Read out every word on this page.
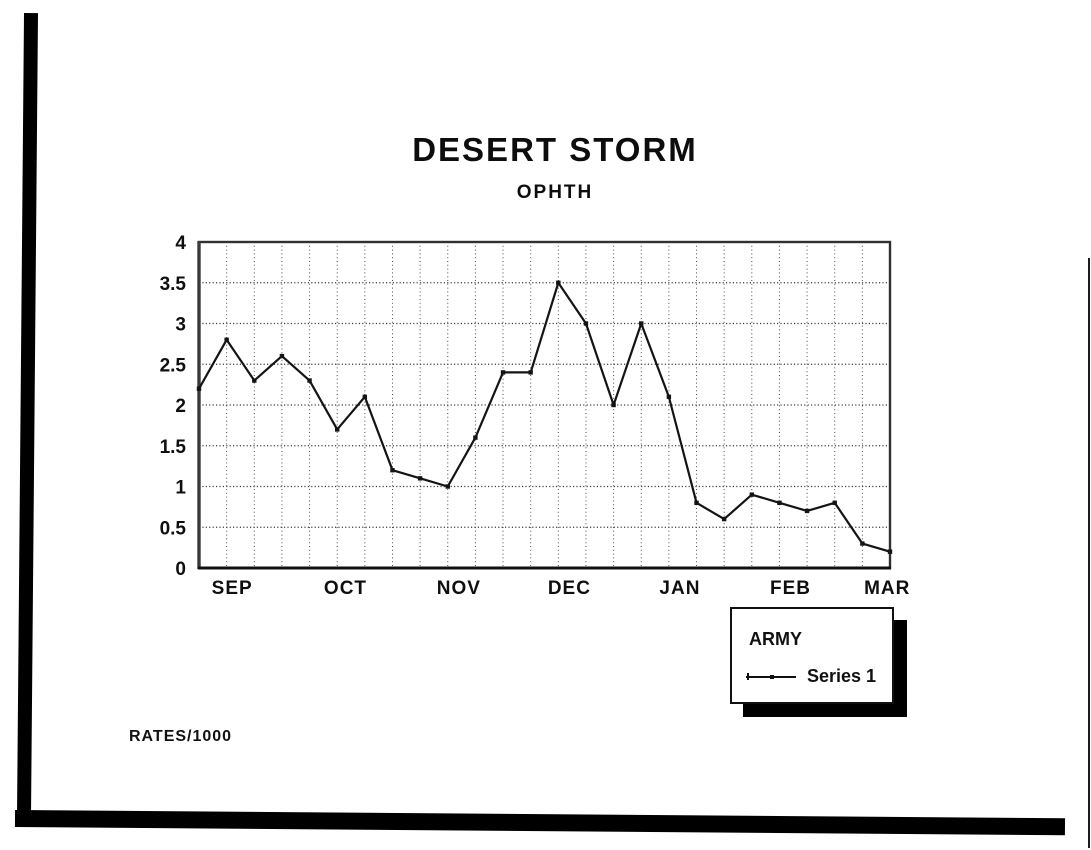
DESERT STORM
OPHTH
0
0.5
1
1.5
2
2.5
3
3.5
4
SEP	OCT	NOV	DEC	JAN	FEB	MAR
ARMY
Series 1
RATES/1000
